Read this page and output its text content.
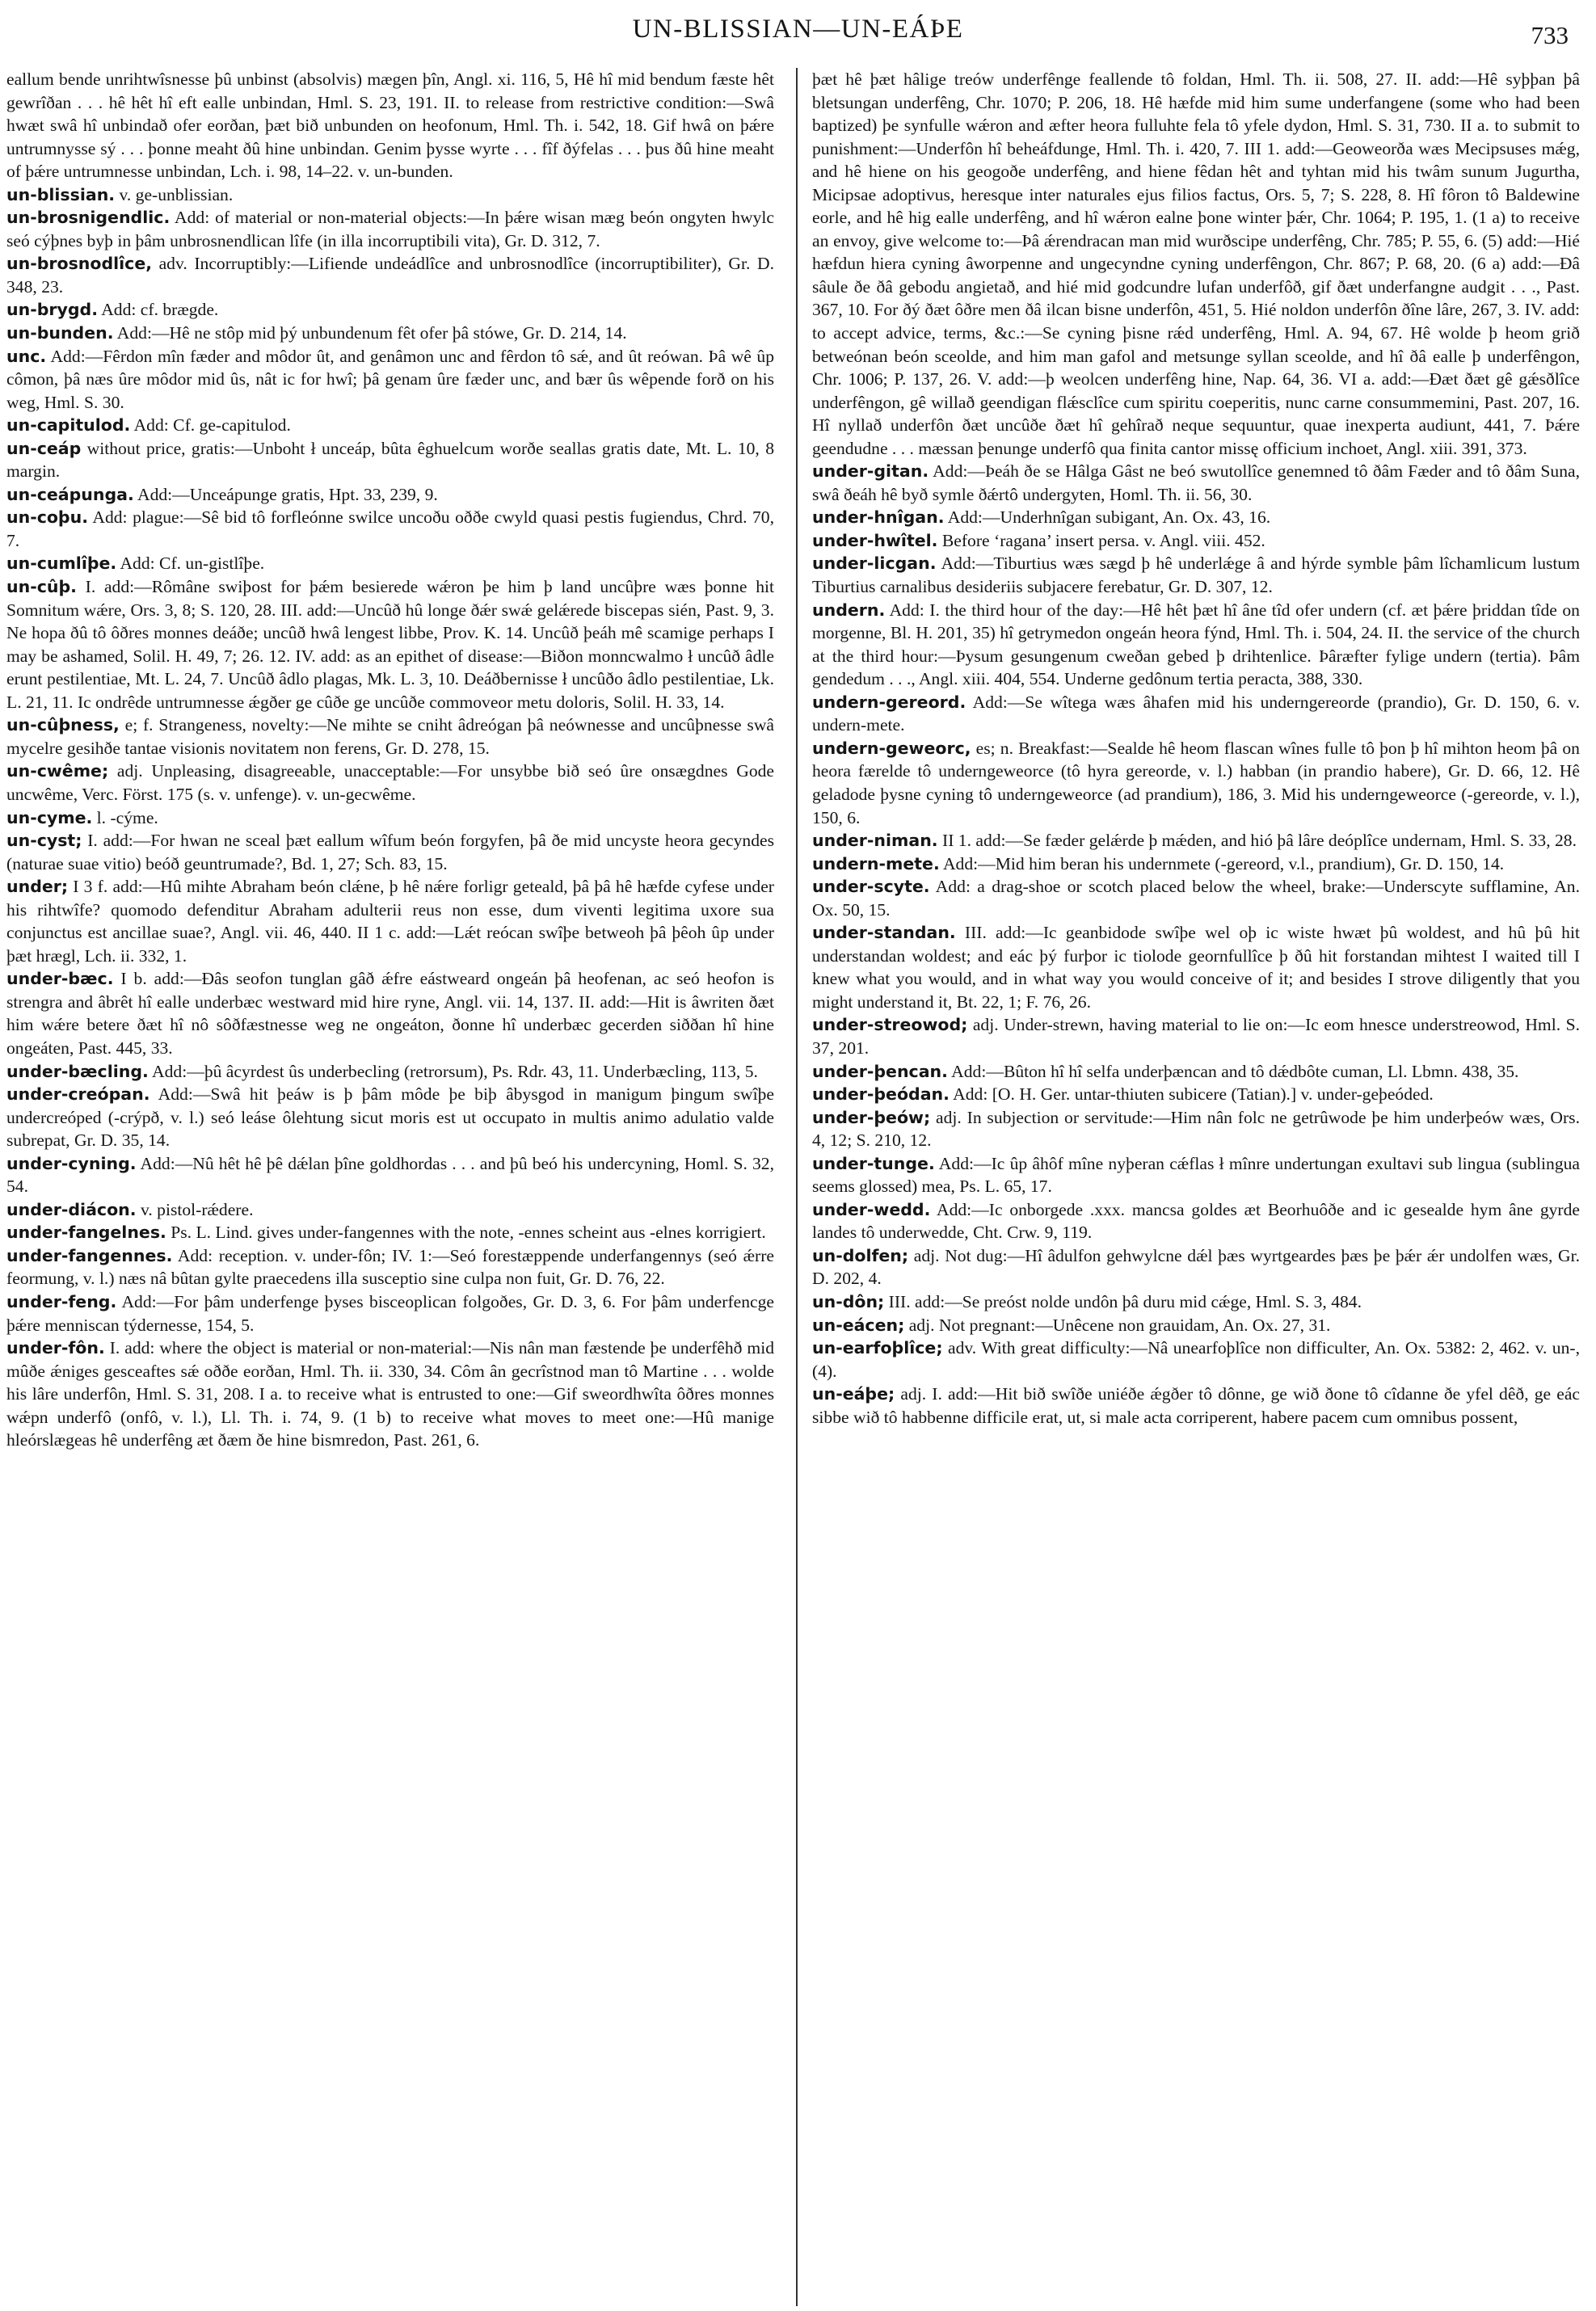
UN-BLISSIAN—UN-EÁÞE	733

eallum bende unrihtwîsnesse þû unbinst (absolvis) mægen þîn, Angl. xi. 116, 5, Hê hî mid bendum fæste hêt gewrîðan . . . hê hêt hî eft ealle unbindan, Hml. S. 23, 191. II. to release from restrictive condition:—Swâ hwæt swâ hî unbindað ofer eorðan, þæt bið unbunden on heofonum, Hml. Th. i. 542, 18. Gif hwâ on þǽre untrumnysse sý . . . þonne meaht ðû hine unbindan. Genim þysse wyrte . . . fîf ðýfelas . . . þus ðû hine meaht of þǽre untrumnesse unbindan, Lch. i. 98, 14–22. v. un-bunden.

un-blissian. v. ge-unblissian.

un-brosnigendlic. Add: of material or non-material objects:—In þǽre wisan mæg beón ongyten hwylc seó cýþnes byþ in þâm unbrosnendlican lîfe (in illa incorruptibili vita), Gr. D. 312, 7.

un-brosnodlîce, adv. Incorruptibly:—Lifiende undeádlîce and unbrosnodlîce (incorruptibiliter), Gr. D. 348, 23.

un-brygd. Add: cf. brægde.

un-bunden. Add:—Hê ne stôp mid þý unbundenum fêt ofer þâ stówe, Gr. D. 214, 14.

unc. Add:—Fêrdon mîn fæder and môdor ût, and genâmon unc and fêrdon tô sǽ, and ût reówan. Þâ wê ûp cômon, þâ næs ûre môdor mid ûs, nât ic for hwî; þâ genam ûre fæder unc, and bær ûs wêpende forð on his weg, Hml. S. 30.

un-capitulod. Add: Cf. ge-capitulod.

un-ceáp without price, gratis:—Unboht ł unceáp, bûta êghuelcum worðe seallas gratis date, Mt. L. 10, 8 margin.

un-ceápunga. Add:—Unceápunge gratis, Hpt. 33, 239, 9.

un-coþu. Add: plague:—Sê bid tô forfleónne swilce uncoðu oððe cwyld quasi pestis fugiendus, Chrd. 70, 7.

un-cumlîþe. Add: Cf. un-gistlîþe.

un-cûþ. I. add:—Rômâne swiþost for þǽm besierede wǽron þe him þ land uncûþre wæs þonne hit Somnitum wǽre, Ors. 3, 8; S. 120, 28. III. add:—Uncûð hû longe ðǽr swǽ gelǽrede biscepas sién, Past. 9, 3. Ne hopa ðû tô ôðres monnes deáðe; uncûð hwâ lengest libbe, Prov. K. 14. Uncûð þeáh mê scamige perhaps I may be ashamed, Solil. H. 49, 7; 26. 12. IV. add: as an epithet of disease:—Biðon monncwalmo ł uncûð âdle erunt pestilentiae, Mt. L. 24, 7. Uncûð âdlo plagas, Mk. L. 3, 10. Deáðbernisse ł uncûðo âdlo pestilentiae, Lk. L. 21, 11. Ic ondrêde untrumnesse ǽgðer ge cûðe ge uncûðe commoveor metu doloris, Solil. H. 33, 14.

un-cûþness, e; f. Strangeness, novelty:—Ne mihte se cniht âdreógan þâ neównesse and uncûþnesse swâ mycelre gesihðe tantae visionis novitatem non ferens, Gr. D. 278, 15.

un-cwême; adj. Unpleasing, disagreeable, unacceptable:—For unsybbe bið seó ûre onsægdnes Gode uncwême, Verc. Först. 175 (s. v. unfenge). v. un-gecwême.

un-cyme. l. -cýme.

un-cyst; I. add:—For hwan ne sceal þæt eallum wîfum beón forgyfen, þâ ðe mid uncyste heora gecyndes (naturae suae vitio) beóð geuntrumade?, Bd. 1, 27; Sch. 83, 15.

under; I 3 f. add:—Hû mihte Abraham beón clǽne, þ hê nǽre forligr geteald, þâ þâ hê hæfde cyfese under his rihtwîfe? quomodo defenditur Abraham adulterii reus non esse, dum viventi legitima uxore sua conjunctus est ancillae suae?, Angl. vii. 46, 440. II 1 c. add:—Lǽt reócan swîþe betweoh þâ þêoh ûp under þæt hrægl, Lch. ii. 332, 1.

under-bæc. I b. add:—Ðâs seofon tunglan gâð ǽfre eástweard ongeán þâ heofenan, ac seó heofon is strengra and âbrêt hî ealle underbæc westward mid hire ryne, Angl. vii. 14, 137. II. add:—Hit is âwriten ðæt him wǽre betere ðæt hî nô sôðfæstnesse weg ne ongeáton, ðonne hî underbæc gecerden siððan hî hine ongeáten, Past. 445, 33.

under-bæcling. Add:—þû âcyrdest ûs underbecling (retrorsum), Ps. Rdr. 43, 11. Underbæcling, 113, 5.

under-creópan. Add:—Swâ hit þeáw is þ þâm môde þe biþ âbysgod in manigum þingum swîþe undercreóped (-crýpð, v. l.) seó leáse ôlehtung sicut moris est ut occupato in multis animo adulatio valde subrepat, Gr. D. 35, 14.

under-cyning. Add:—Nû hêt hê þê dǽlan þîne goldhordas . . . and þû beó his undercyning, Homl. S. 32, 54.

under-diácon. v. pistol-rǽdere.

under-fangelnes. Ps. L. Lind. gives under-fangennes with the note, -ennes scheint aus -elnes korrigiert.

under-fangennes. Add: reception. v. under-fôn; IV. 1:—Seó forestæppende underfangennys (seó ǽrre feormung, v. l.) næs nâ bûtan gylte praecedens illa susceptio sine culpa non fuit, Gr. D. 76, 22.

under-feng. Add:—For þâm underfenge þyses bisceoplican folgoðes, Gr. D. 3, 6. For þâm underfencge þǽre menniscan týdernesse, 154, 5.

under-fôn. I. add: where the object is material or non-material:—Nis nân man fæstende þe underfêhð mid mûðe ǽniges gesceaftes sǽ oððe eorðan, Hml. Th. ii. 330, 34. Côm ân gecrîstnod man tô Martine . . . wolde his lâre underfôn, Hml. S. 31, 208. I a. to receive what is entrusted to one:—Gif sweordhwîta ôðres monnes wǽpn underfô (onfô, v. l.), Ll. Th. i. 74, 9. (1 b) to receive what moves to meet one:—Hû manige hleórslægeas hê underfêng æt ðæm ðe hine bismredon, Past. 261, 6.

þæt hê þæt hâlige treów underfênge feallende tô foldan, Hml. Th. ii. 508, 27. II. add:—Hê syþþan þâ bletsungan underfêng, Chr. 1070; P. 206, 18. Hê hæfde mid him sume underfangene (some who had been baptized) þe synfulle wǽron and æfter heora fulluhte fela tô yfele dydon, Hml. S. 31, 730. II a. to submit to punishment:—Underfôn hî beheáfdunge, Hml. Th. i. 420, 7. III 1. add:—Geoweorða wæs Mecipsuses mǽg, and hê hiene on his geogoðe underfêng, and hiene fêdan hêt and tyhtan mid his twâm sunum Jugurtha, Micipsae adoptivus, heresque inter naturales ejus filios factus, Ors. 5, 7; S. 228, 8. Hî fôron tô Baldewine eorle, and hê hig ealle underfêng, and hî wǽron ealne þone winter þǽr, Chr. 1064; P. 195, 1. (1 a) to receive an envoy, give welcome to:—Þâ ǽrendracan man mid wurðscipe underfêng, Chr. 785; P. 55, 6. (5) add:—Hié hæfdun hiera cyning âworpenne and ungecyndne cyning underfêngon, Chr. 867; P. 68, 20. (6 a) add:—Ðâ sâule ðe ðâ gebodu angietað, and hié mid godcundre lufan underfôð, gif ðæt underfangne audgit . . ., Past. 367, 10. For ðý ðæt ôðre men ðâ ilcan bisne underfôn, 451, 5. Hié noldon underfôn ðîne lâre, 267, 3. IV. add: to accept advice, terms, &c.:—Se cyning þisne rǽd underfêng, Hml. A. 94, 67. Hê wolde þ heom grið betweónan beón sceolde, and him man gafol and metsunge syllan sceolde, and hî ðâ ealle þ underfêngon, Chr. 1006; P. 137, 26. V. add:—þ weolcen underfêng hine, Nap. 64, 36. VI a. add:—Ðæt ðæt gê gǽsðlîce underfêngon, gê willað geendigan flǽsclîce cum spiritu coeperitis, nunc carne consummemini, Past. 207, 16. Hî nyllað underfôn ðæt uncûðe ðæt hî gehîrað neque sequuntur, quae inexperta audiunt, 441, 7. Þǽre geendudne . . . mæssan þenunge underfô qua finita cantor missę officium inchoet, Angl. xiii. 391, 373.

under-gitan. Add:—Þeáh ðe se Hâlga Gâst ne beó swutollîce genemned tô ðâm Fæder and tô ðâm Suna, swâ ðeáh hê byð symle ðǽrtô undergyten, Homl. Th. ii. 56, 30.

under-hnîgan. Add:—Underhnîgan subigant, An. Ox. 43, 16.

under-hwîtel. Before ‘ragana’ insert persa. v. Angl. viii. 452.

under-licgan. Add:—Tiburtius wæs sægd þ hê underlǽge â and hýrde symble þâm lîchamlicum lustum Tiburtius carnalibus desideriis subjacere ferebatur, Gr. D. 307, 12.

undern. Add: I. the third hour of the day:—Hê hêt þæt hî âne tîd ofer undern (cf. æt þǽre þriddan tîde on morgenne, Bl. H. 201, 35) hî getrymedon ongeán heora fýnd, Hml. Th. i. 504, 24. II. the service of the church at the third hour:—Þysum gesungenum cweðan gebed þ drihtenlice. Þâræfter fylige undern (tertia). Þâm gendedum . . ., Angl. xiii. 404, 554. Underne gedônum tertia peracta, 388, 330.

undern-gereord. Add:—Se wîtega wæs âhafen mid his underngereorde (prandio), Gr. D. 150, 6. v. undern-mete.

undern-geweorc, es; n. Breakfast:—Sealde hê heom flascan wînes fulle tô þon þ hî mihton heom þâ on heora færelde tô underngeweorce (tô hyra gereorde, v. l.) habban (in prandio habere), Gr. D. 66, 12. Hê geladode þysne cyning tô underngeweorce (ad prandium), 186, 3. Mid his underngeweorce (-gereorde, v. l.), 150, 6.

under-niman. II 1. add:—Se fæder gelǽrde þ mǽden, and hió þâ lâre deóplîce undernam, Hml. S. 33, 28.

undern-mete. Add:—Mid him beran his undernmete (-gereord, v.l., prandium), Gr. D. 150, 14.

under-scyte. Add: a drag-shoe or scotch placed below the wheel, brake:—Underscyte sufflamine, An. Ox. 50, 15.

under-standan. III. add:—Ic geanbidode swîþe wel oþ ic wiste hwæt þû woldest, and hû þû hit understandan woldest; and eác þý furþor ic tiolode geornfullîce þ ðû hit forstandan mihtest I waited till I knew what you would, and in what way you would conceive of it; and besides I strove diligently that you might understand it, Bt. 22, 1; F. 76, 26.

under-streowod; adj. Under-strewn, having material to lie on:—Ic eom hnesce understreowod, Hml. S. 37, 201.

under-þencan. Add:—Bûton hî hî selfa underþæncan and tô dǽdbôte cuman, Ll. Lbmn. 438, 35.

under-þeódan. Add: [O. H. Ger. untar-thiuten subicere (Tatian).] v. under-geþeóded.

under-þeów; adj. In subjection or servitude:—Him nân folc ne getrûwode þe him underþeów wæs, Ors. 4, 12; S. 210, 12.

under-tunge. Add:—Ic ûp âhôf mîne nyþeran cǽflas ł mînre undertungan exultavi sub lingua (sublingua seems glossed) mea, Ps. L. 65, 17.

under-wedd. Add:—Ic onborgede .xxx. mancsa goldes æt Beorhuôðe and ic gesealde hym âne gyrde landes tô underwedde, Cht. Crw. 9, 119.

un-dolfen; adj. Not dug:—Hî âdulfon gehwylcne dǽl þæs wyrtgeardes þæs þe þǽr ǽr undolfen wæs, Gr. D. 202, 4.

un-dôn; III. add:—Se preóst nolde undôn þâ duru mid cǽge, Hml. S. 3, 484.

un-eácen; adj. Not pregnant:—Unêcene non grauidam, An. Ox. 27, 31.

un-earfoþlîce; adv. With great difficulty:—Nâ unearfoþlîce non difficulter, An. Ox. 5382: 2, 462. v. un-, (4).

un-eáþe; adj. I. add:—Hit bið swîðe uniéðe ǽgðer tô dônne, ge wið ðone tô cîdanne ðe yfel dêð, ge eác sibbe wið tô habbenne difficile erat, ut, si male acta corriperent, habere pacem cum omnibus possent,
